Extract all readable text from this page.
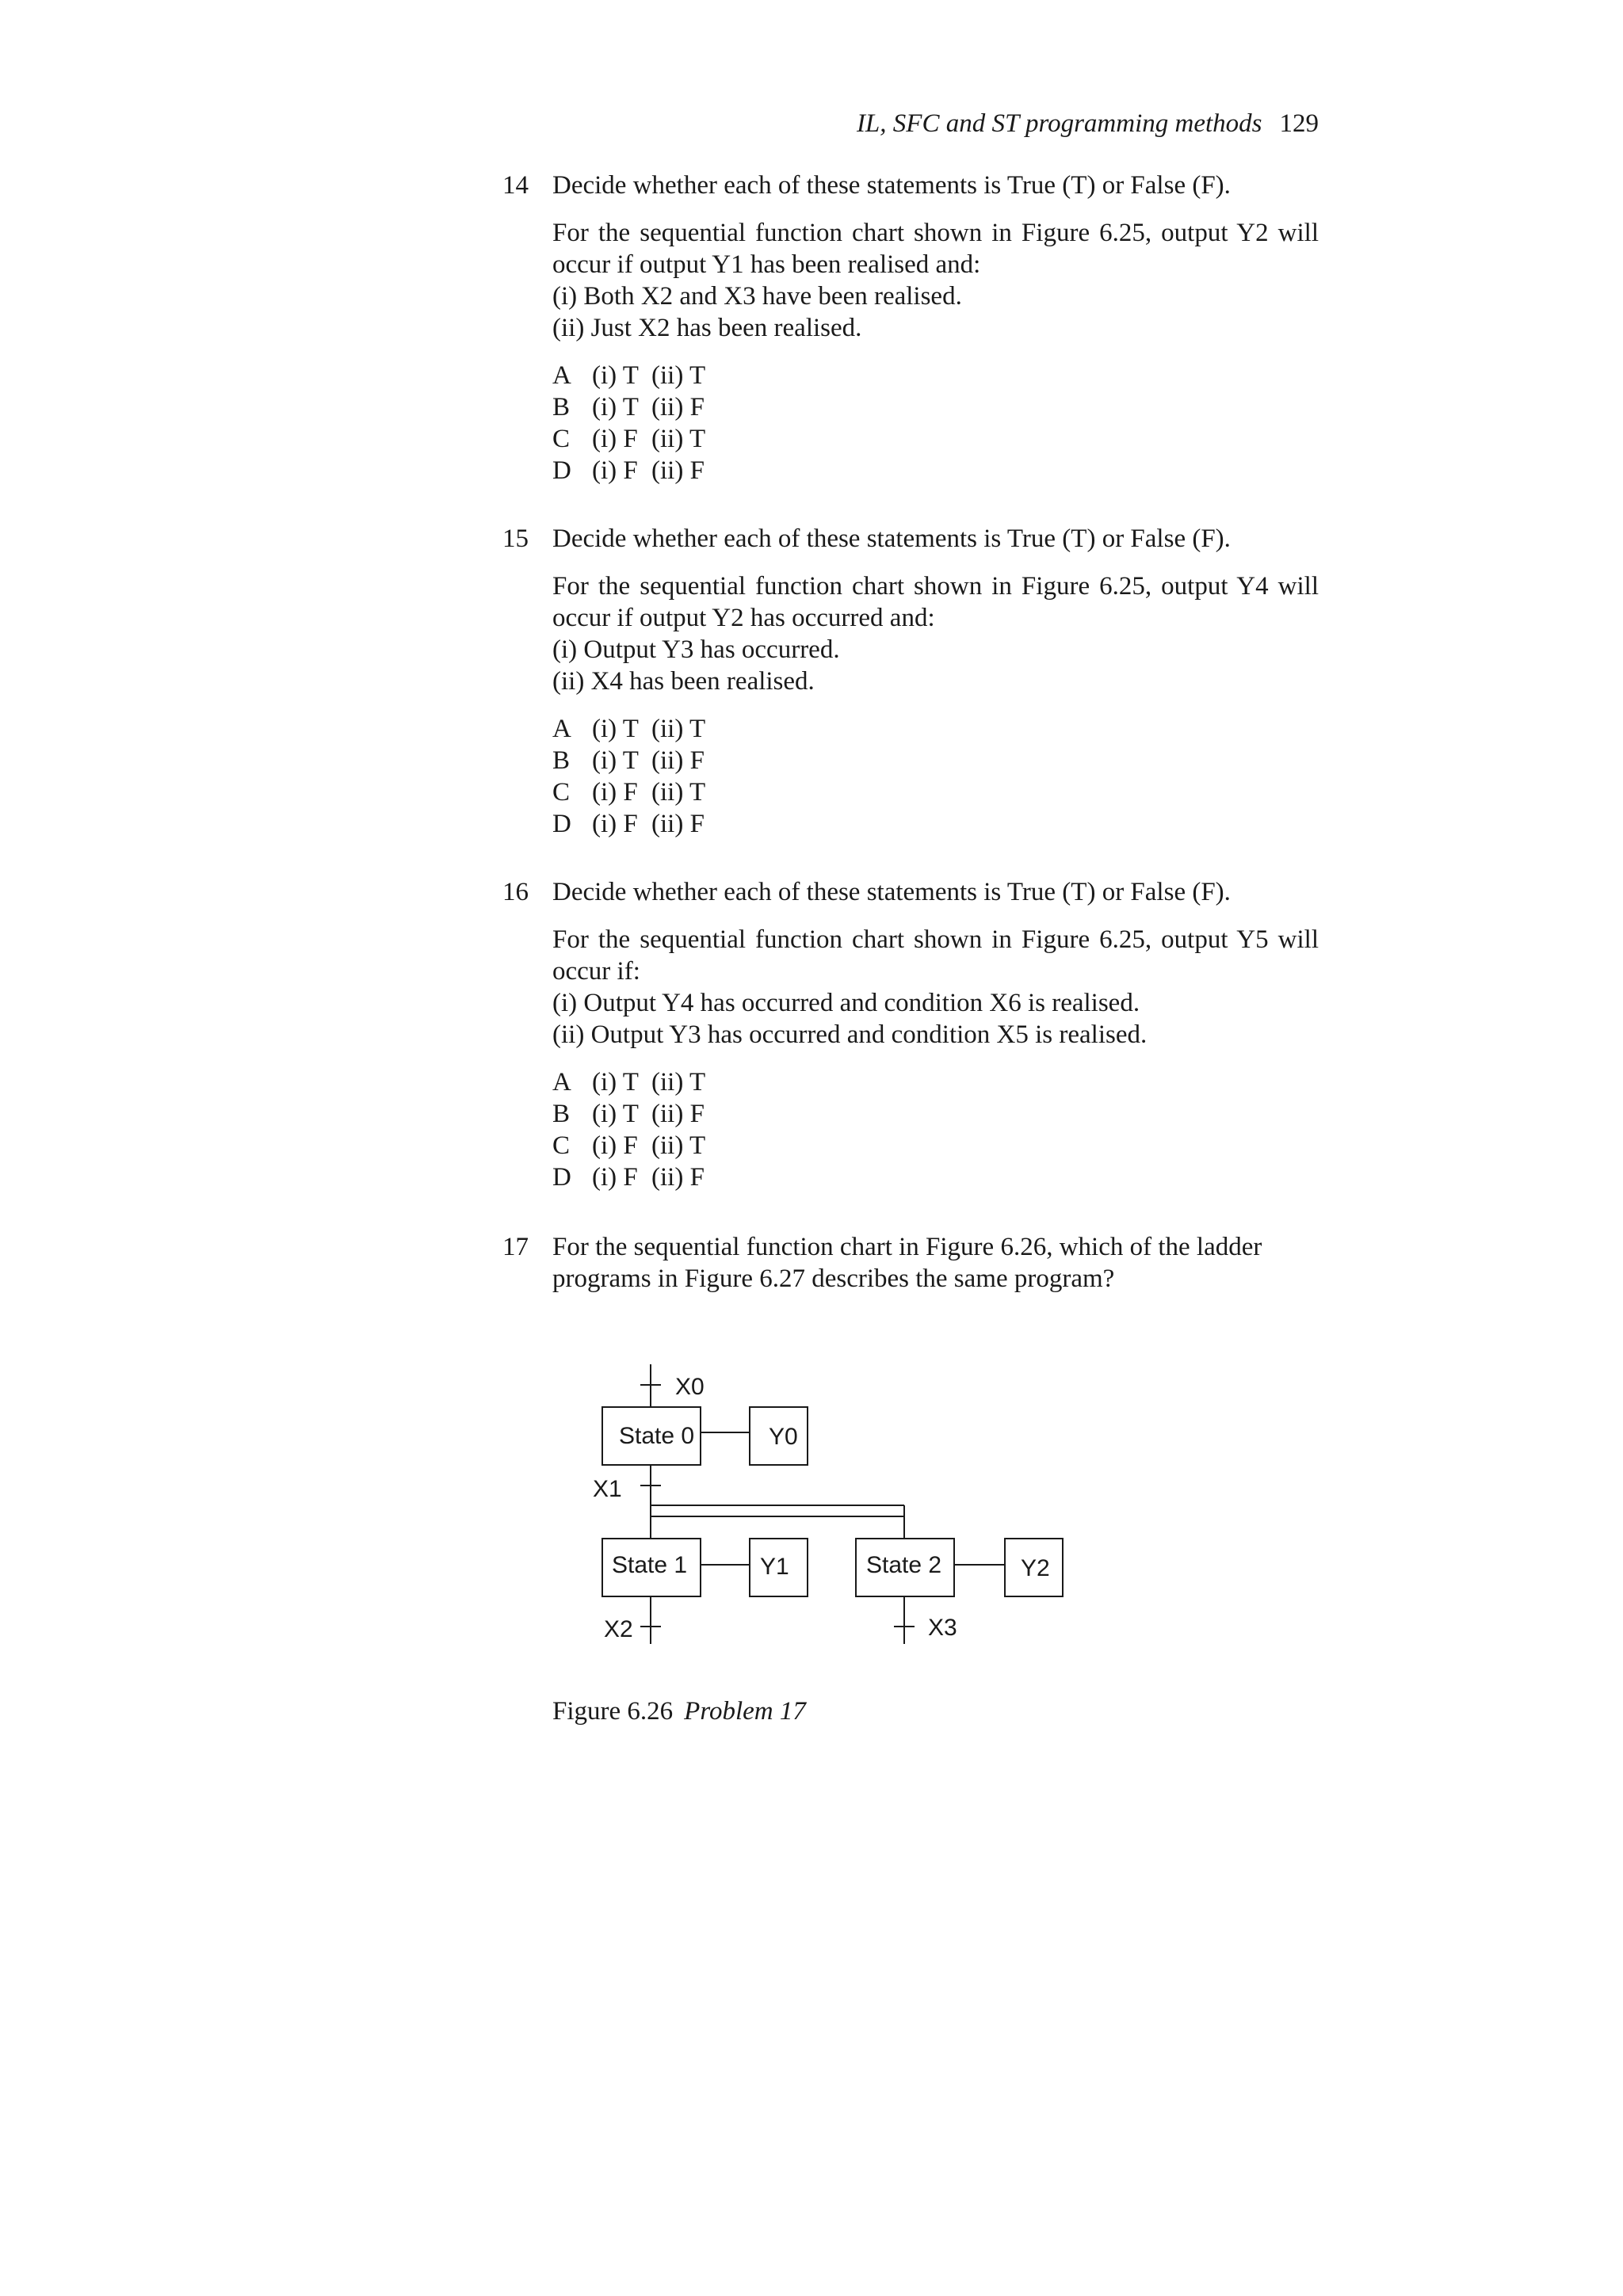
IL, SFC and ST programming methods 129
14 Decide whether each of these statements is True (T) or False (F).
For the sequential function chart shown in Figure 6.25, output Y2 will occur if output Y1 has been realised and:
(i) Both X2 and X3 have been realised.
(ii) Just X2 has been realised.
A (i) T (ii) T
B (i) T (ii) F
C (i) F (ii) T
D (i) F (ii) F
15 Decide whether each of these statements is True (T) or False (F).
For the sequential function chart shown in Figure 6.25, output Y4 will occur if output Y2 has occurred and:
(i) Output Y3 has occurred.
(ii) X4 has been realised.
A (i) T (ii) T
B (i) T (ii) F
C (i) F (ii) T
D (i) F (ii) F
16 Decide whether each of these statements is True (T) or False (F).
For the sequential function chart shown in Figure 6.25, output Y5 will occur if:
(i) Output Y4 has occurred and condition X6 is realised.
(ii) Output Y3 has occurred and condition X5 is realised.
A (i) T (ii) T
B (i) T (ii) F
C (i) F (ii) T
D (i) F (ii) F
17 For the sequential function chart in Figure 6.26, which of the ladder
programs in Figure 6.27 describes the same program?
X0
State 0	Y0
X1
State 1	Y1	State 2	Y2
X2	X3
Figure 6.26 Problem 17
